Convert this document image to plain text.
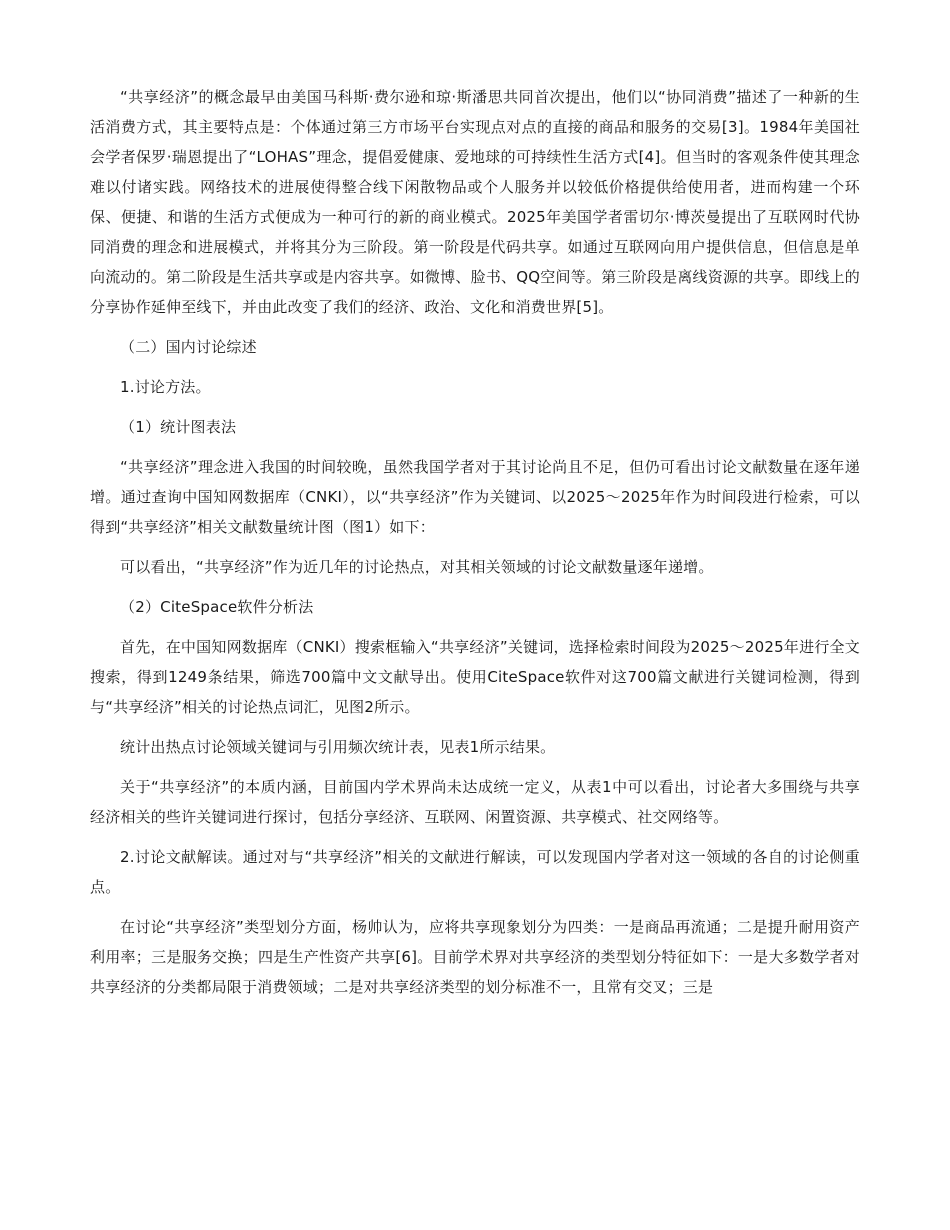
“共享经济”的概念最早由美国马科斯·费尔逊和琼·斯潘思共同首次提出，他们以“协同消费”描述了一种新的生活消费方式，其主要特点是：个体通过第三方市场平台实现点对点的直接的商品和服务的交易[3]。1984年美国社会学者保罗·瑞恩提出了“LOHAS”理念，提倡爱健康、爱地球的可持续性生活方式[4]。但当时的客观条件使其理念难以付诸实践。网络技术的进展使得整合线下闲散物品或个人服务并以较低价格提供给使用者，进而构建一个环保、便捷、和谐的生活方式便成为一种可行的新的商业模式。2025年美国学者雷切尔·博茨曼提出了互联网时代协同消费的理念和进展模式，并将其分为三阶段。第一阶段是代码共享。如通过互联网向用户提供信息，但信息是单向流动的。第二阶段是生活共享或是内容共享。如微博、脸书、QQ空间等。第三阶段是离线资源的共享。即线上的分享协作延伸至线下，并由此改变了我们的经济、政治、文化和消费世界[5]。

（二）国内讨论综述

1.讨论方法。

（1）统计图表法

“共享经济”理念进入我国的时间较晚，虽然我国学者对于其讨论尚且不足，但仍可看出讨论文献数量在逐年递增。通过查询中国知网数据库（CNKI），以“共享经济”作为关键词、以2025～2025年作为时间段进行检索，可以得到“共享经济”相关文献数量统计图（图1）如下：

可以看出，“共享经济”作为近几年的讨论热点，对其相关领域的讨论文献数量逐年递增。

（2）CiteSpace软件分析法

首先，在中国知网数据库（CNKI）搜索框输入“共享经济”关键词，选择检索时间段为2025～2025年进行全文搜索，得到1249条结果，筛选700篇中文文献导出。使用CiteSpace软件对这700篇文献进行关键词检测，得到与“共享经济”相关的讨论热点词汇，见图2所示。

统计出热点讨论领域关键词与引用频次统计表，见表1所示结果。

关于“共享经济”的本质内涵，目前国内学术界尚未达成统一定义，从表1中可以看出，讨论者大多围绕与共享经济相关的些许关键词进行探讨，包括分享经济、互联网、闲置资源、共享模式、社交网络等。

2.讨论文献解读。通过对与“共享经济”相关的文献进行解读，可以发现国内学者对这一领域的各自的讨论侧重点。

在讨论“共享经济”类型划分方面，杨帅认为，应将共享现象划分为四类：一是商品再流通；二是提升耐用资产利用率；三是服务交换；四是生产性资产共享[6]。目前学术界对共享经济的类型划分特征如下：一是大多数学者对共享经济的分类都局限于消费领域；二是对共享经济类型的划分标准不一，且常有交叉；三是
